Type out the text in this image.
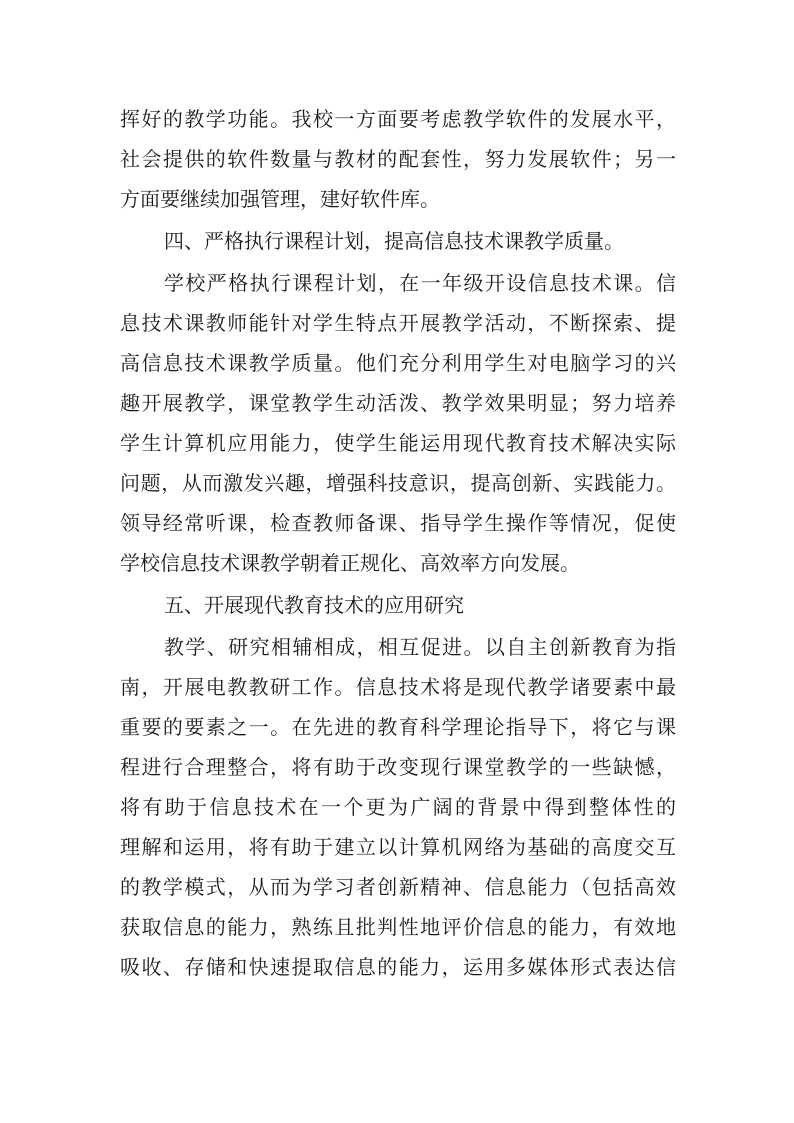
挥好的教学功能。我校一方面要考虑教学软件的发展水平，
社会提供的软件数量与教材的配套性，努力发展软件；另一
方面要继续加强管理，建好软件库。
四、严格执行课程计划，提高信息技术课教学质量。
学校严格执行课程计划，在一年级开设信息技术课。信
息技术课教师能针对学生特点开展教学活动，不断探索、提
高信息技术课教学质量。他们充分利用学生对电脑学习的兴
趣开展教学，课堂教学生动活泼、教学效果明显；努力培养
学生计算机应用能力，使学生能运用现代教育技术解决实际
问题，从而激发兴趣，增强科技意识，提高创新、实践能力。
领导经常听课，检查教师备课、指导学生操作等情况，促使
学校信息技术课教学朝着正规化、高效率方向发展。
五、开展现代教育技术的应用研究
教学、研究相辅相成，相互促进。以自主创新教育为指
南，开展电教教研工作。信息技术将是现代教学诸要素中最
重要的要素之一。在先进的教育科学理论指导下，将它与课
程进行合理整合，将有助于改变现行课堂教学的一些缺憾，
将有助于信息技术在一个更为广阔的背景中得到整体性的
理解和运用，将有助于建立以计算机网络为基础的高度交互
的教学模式，从而为学习者创新精神、信息能力（包括高效
获取信息的能力，熟练且批判性地评价信息的能力，有效地
吸收、存储和快速提取信息的能力，运用多媒体形式表达信
